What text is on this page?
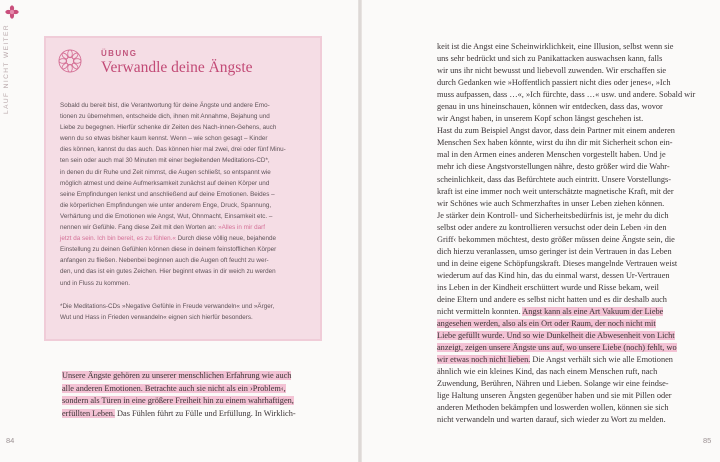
LAUF NICHT WEITER	ÜBUNG
Verwandle deine Ängste
Sobald du bereit bist, die Verantwortung für deine Ängste und andere Emo-
tionen zu übernehmen, entscheide dich, ihnen mit Annahme, Bejahung und
Liebe zu begegnen. Hierfür schenke dir Zeiten des Nach-innen-Gehens, auch
wenn du so etwas bisher kaum kennst. Wenn – wie schon gesagt – Kinder
dies können, kannst du das auch. Das können hier mal zwei, drei oder fünf Minu-
ten sein oder auch mal 30 Minuten mit einer begleitenden Meditations-CD*,
in denen du dir Ruhe und Zeit nimmst, die Augen schließt, so entspannt wie
möglich atmest und deine Aufmerksamkeit zunächst auf deinen Körper und
seine Empfindungen lenkst und anschließend auf deine Emotionen. Beides –
die körperlichen Empfindungen wie unter anderem Enge, Druck, Spannung,
Verhärtung und die Emotionen wie Angst, Wut, Ohnmacht, Einsamkeit etc. –
nennen wir Gefühle. Fang diese Zeit mit den Worten an: »Alles in mir darf
jetzt da sein. Ich bin bereit, es zu fühlen.« Durch diese völlig neue, bejahende
Einstellung zu deinen Gefühlen können diese in deinem feinstofflichen Körper
anfangen zu fließen. Nebenbei beginnen auch die Augen oft feucht zu wer-
den, und das ist ein gutes Zeichen. Hier beginnt etwas in dir weich zu werden
und in Fluss zu kommen.
*Die Meditations-CDs »Negative Gefühle in Freude verwandeln« und »Ärger,
Wut und Hass in Frieden verwandeln« eignen sich hierfür besonders.
Unsere Ängste gehören zu unserer menschlichen Erfahrung wie auch
alle anderen Emotionen. Betrachte auch sie nicht als ein ›Problem‹,
sondern als Türen in eine größere Freiheit hin zu einem wahrhaftigen,
erfüllten Leben. Das Fühlen führt zu Fülle und Erfüllung. In Wirklich-
84
keit ist die Angst eine Scheinwirklichkeit, eine Illusion, selbst wenn sie
uns sehr bedrückt und sich zu Panikattacken auswachsen kann, falls
wir uns ihr nicht bewusst und liebevoll zuwenden. Wir erschaffen sie
durch Gedanken wie »Hoffentlich passiert nicht dies oder jenes«, »Ich
muss aufpassen, dass …«, »Ich fürchte, dass …« usw. und andere. Sobald wir
genau in uns hineinschauen, können wir entdecken, dass das, wovor
wir Angst haben, in unserem Kopf schon längst geschehen ist.
Hast du zum Beispiel Angst davor, dass dein Partner mit einem anderen
Menschen Sex haben könnte, wirst du ihn dir mit Sicherheit schon ein-
mal in den Armen eines anderen Menschen vorgestellt haben. Und je
mehr ich diese Angstvorstellungen nähre, desto größer wird die Wahr-
scheinlichkeit, dass das Befürchtete auch eintritt. Unsere Vorstellungs-
kraft ist eine immer noch weit unterschätzte magnetische Kraft, mit der
wir Schönes wie auch Schmerzhaftes in unser Leben ziehen können.
Je stärker dein Kontroll- und Sicherheitsbedürfnis ist, je mehr du dich
selbst oder andere zu kontrollieren versuchst oder dein Leben ›in den
Griff‹ bekommen möchtest, desto größer müssen deine Ängste sein, die
dich hierzu veranlassen, umso geringer ist dein Vertrauen in das Leben
und in deine eigene Schöpfungskraft. Dieses mangelnde Vertrauen weist
wiederum auf das Kind hin, das du einmal warst, dessen Ur-Vertrauen
ins Leben in der Kindheit erschüttert wurde und Risse bekam, weil
deine Eltern und andere es selbst nicht hatten und es dir deshalb auch
nicht vermitteln konnten. Angst kann als eine Art Vakuum der Liebe
angesehen werden, also als ein Ort oder Raum, der noch nicht mit
Liebe gefüllt wurde. Und so wie Dunkelheit die Abwesenheit von Licht
anzeigt, zeigen unsere Ängste uns auf, wo unsere Liebe (noch) fehlt, wo
wir etwas noch nicht lieben. Die Angst verhält sich wie alle Emotionen
ähnlich wie ein kleines Kind, das nach einem Menschen ruft, nach
Zuwendung, Berühren, Nähren und Lieben. Solange wir eine feindse-
lige Haltung unseren Ängsten gegenüber haben und sie mit Pillen oder
anderen Methoden bekämpfen und loswerden wollen, können sie sich
nicht verwandeln und warten darauf, sich wieder zu Wort zu melden.
85
